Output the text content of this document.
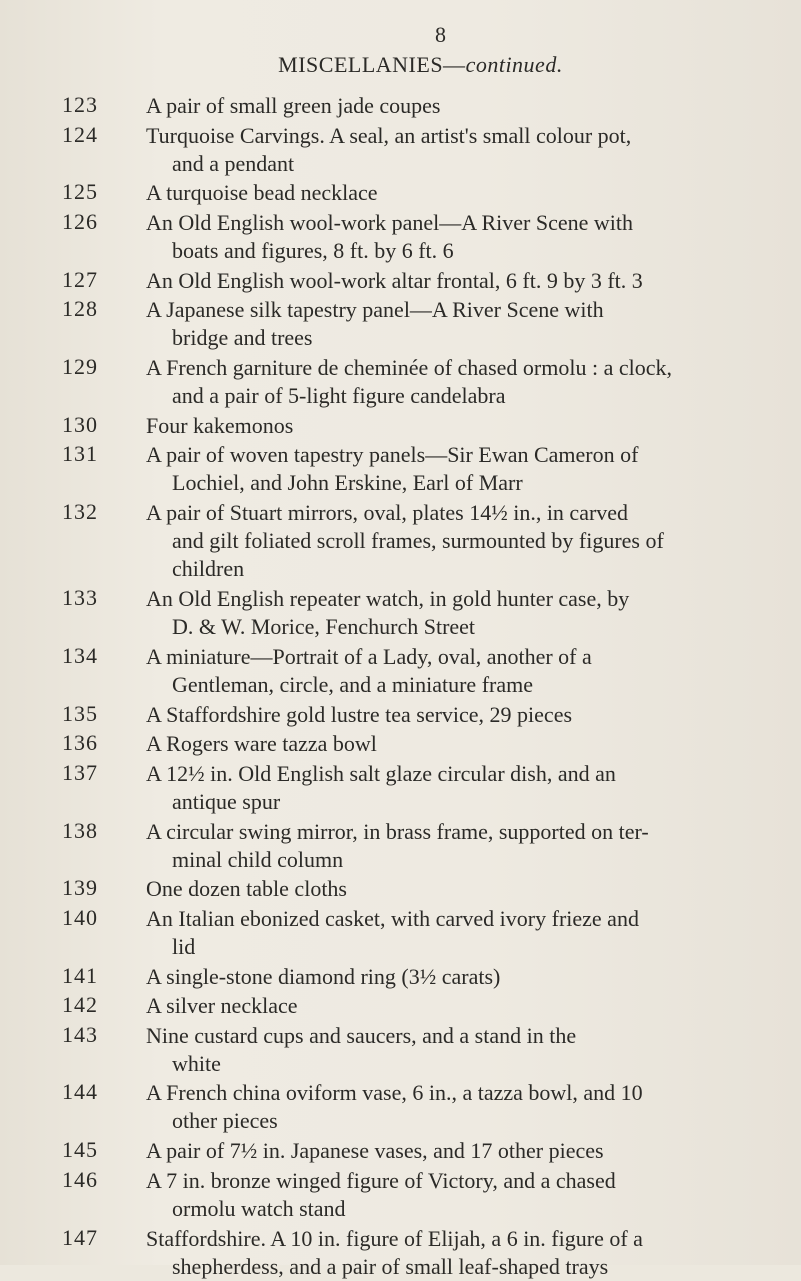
8
MISCELLANIES—continued.
123 A pair of small green jade coupes
124 Turquoise Carvings. A seal, an artist's small colour pot,
and a pendant
125 A turquoise bead necklace
126 An Old English wool-work panel—A River Scene with
boats and figures, 8 ft. by 6 ft. 6
127 An Old English wool-work altar frontal, 6 ft. 9 by 3 ft. 3
128 A Japanese silk tapestry panel—A River Scene with
bridge and trees
129 A French garniture de cheminée of chased ormolu : a clock,
and a pair of 5-light figure candelabra
130 Four kakemonos
131 A pair of woven tapestry panels—Sir Ewan Cameron of
Lochiel, and John Erskine, Earl of Marr
132 A pair of Stuart mirrors, oval, plates 14½ in., in carved
and gilt foliated scroll frames, surmounted by figures of
children
133 An Old English repeater watch, in gold hunter case, by
D. & W. Morice, Fenchurch Street
134 A miniature—Portrait of a Lady, oval, another of a
Gentleman, circle, and a miniature frame
135 A Staffordshire gold lustre tea service, 29 pieces
136 A Rogers ware tazza bowl
137 A 12½ in. Old English salt glaze circular dish, and an
antique spur
138 A circular swing mirror, in brass frame, supported on ter-
minal child column
139 One dozen table cloths
140 An Italian ebonized casket, with carved ivory frieze and
lid
141 A single-stone diamond ring (3½ carats)
142 A silver necklace
143 Nine custard cups and saucers, and a stand in the
white
144 A French china oviform vase, 6 in., a tazza bowl, and 10
other pieces
145 A pair of 7½ in. Japanese vases, and 17 other pieces
146 A 7 in. bronze winged figure of Victory, and a chased
ormolu watch stand
147 Staffordshire. A 10 in. figure of Elijah, a 6 in. figure of a
shepherdess, and a pair of small leaf-shaped trays
